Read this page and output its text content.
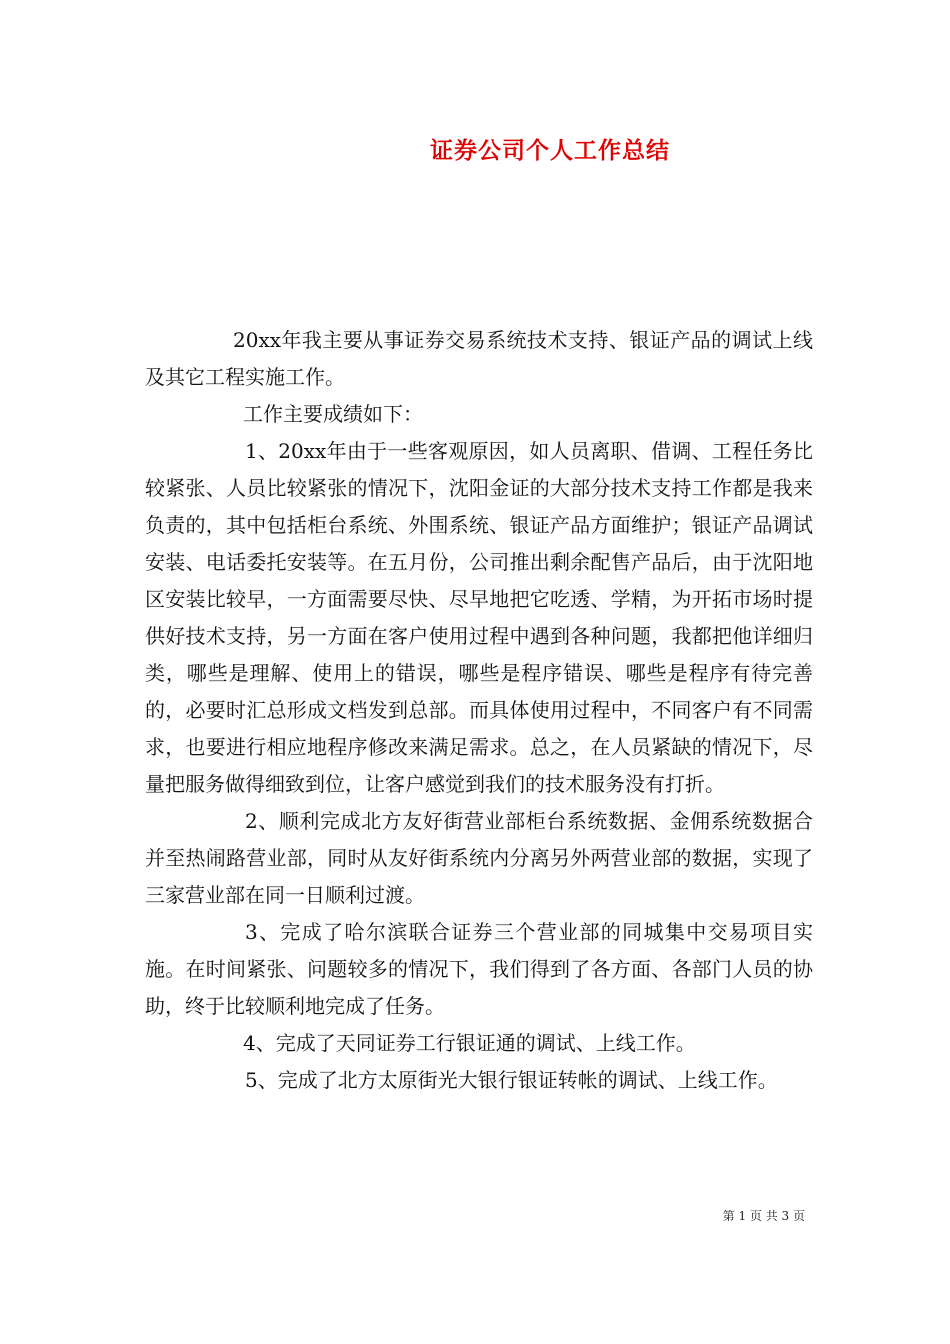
证券公司个人工作总结

20xx年我主要从事证券交易系统技术支持、银证产品的调试上线及其它工程实施工作。

工作主要成绩如下：

1、20xx年由于一些客观原因，如人员离职、借调、工程任务比较紧张、人员比较紧张的情况下，沈阳金证的大部分技术支持工作都是我来负责的，其中包括柜台系统、外围系统、银证产品方面维护；银证产品调试安装、电话委托安装等。在五月份，公司推出剩余配售产品后，由于沈阳地区安装比较早，一方面需要尽快、尽早地把它吃透、学精，为开拓市场时提供好技术支持，另一方面在客户使用过程中遇到各种问题，我都把他详细归类，哪些是理解、使用上的错误，哪些是程序错误、哪些是程序有待完善的，必要时汇总形成文档发到总部。而具体使用过程中，不同客户有不同需求，也要进行相应地程序修改来满足需求。总之，在人员紧缺的情况下，尽量把服务做得细致到位，让客户感觉到我们的技术服务没有打折。

2、顺利完成北方友好街营业部柜台系统数据、金佣系统数据合并至热闹路营业部，同时从友好街系统内分离另外两营业部的数据，实现了三家营业部在同一日顺利过渡。

3、完成了哈尔滨联合证券三个营业部的同城集中交易项目实施。在时间紧张、问题较多的情况下，我们得到了各方面、各部门人员的协助，终于比较顺利地完成了任务。

4、完成了天同证券工行银证通的调试、上线工作。

5、完成了北方太原街光大银行银证转帐的调试、上线工作。

第 1 页 共 3 页
